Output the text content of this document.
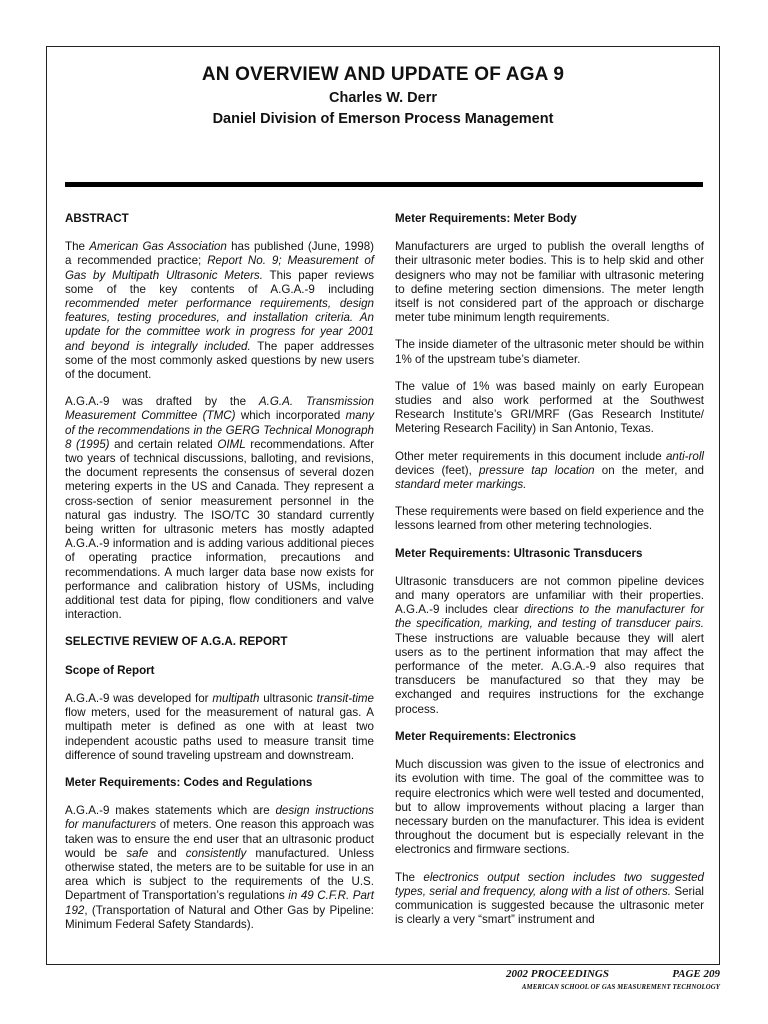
AN OVERVIEW AND UPDATE OF AGA 9

Charles W. Derr

Daniel Division of Emerson Process Management

ABSTRACT

The American Gas Association has published (June, 1998) a recommended practice; Report No. 9; Measurement of Gas by Multipath Ultrasonic Meters. This paper reviews some of the key contents of A.G.A.-9 including recommended meter performance requirements, design features, testing procedures, and installation criteria. An update for the committee work in progress for year 2001 and beyond is integrally included. The paper addresses some of the most commonly asked questions by new users of the document.

A.G.A.-9 was drafted by the A.G.A. Transmission Measurement Committee (TMC) which incorporated many of the recommendations in the GERG Technical Monograph 8 (1995) and certain related OIML recommendations. After two years of technical discussions, balloting, and revisions, the document represents the consensus of several dozen metering experts in the US and Canada. They represent a cross-section of senior measurement personnel in the natural gas industry. The ISO/TC 30 standard currently being written for ultrasonic meters has mostly adapted A.G.A.-9 information and is adding various additional pieces of operating practice information, precautions and recommendations. A much larger data base now exists for performance and calibration history of USMs, including additional test data for piping, flow conditioners and valve interaction.

SELECTIVE REVIEW OF A.G.A. REPORT
Scope of Report

A.G.A.-9 was developed for multipath ultrasonic transit-time flow meters, used for the measurement of natural gas. A multipath meter is defined as one with at least two independent acoustic paths used to measure transit time difference of sound traveling upstream and downstream.

Meter Requirements: Codes and Regulations

A.G.A.-9 makes statements which are design instructions for manufacturers of meters. One reason this approach was taken was to ensure the end user that an ultrasonic product would be safe and consistently manufactured. Unless otherwise stated, the meters are to be suitable for use in an area which is subject to the requirements of the U.S. Department of Transportation’s regulations in 49 C.F.R. Part 192, (Transportation of Natural and Other Gas by Pipeline: Minimum Federal Safety Standards).

Meter Requirements: Meter Body

Manufacturers are urged to publish the overall lengths of their ultrasonic meter bodies. This is to help skid and other designers who may not be familiar with ultrasonic metering to define metering section dimensions. The meter length itself is not considered part of the approach or discharge meter tube minimum length requirements.

The inside diameter of the ultrasonic meter should be within 1% of the upstream tube’s diameter.

The value of 1% was based mainly on early European studies and also work performed at the Southwest Research Institute’s GRI/MRF (Gas Research Institute/ Metering Research Facility) in San Antonio, Texas.

Other meter requirements in this document include anti-roll devices (feet), pressure tap location on the meter, and standard meter markings.

These requirements were based on field experience and the lessons learned from other metering technologies.

Meter Requirements: Ultrasonic Transducers

Ultrasonic transducers are not common pipeline devices and many operators are unfamiliar with their properties. A.G.A.-9 includes clear directions to the manufacturer for the specification, marking, and testing of transducer pairs. These instructions are valuable because they will alert users as to the pertinent information that may affect the performance of the meter. A.G.A.-9 also requires that transducers be manufactured so that they may be exchanged and requires instructions for the exchange process.

Meter Requirements: Electronics

Much discussion was given to the issue of electronics and its evolution with time. The goal of the committee was to require electronics which were well tested and documented, but to allow improvements without placing a larger than necessary burden on the manufacturer. This idea is evident throughout the document but is especially relevant in the electronics and firmware sections.

The electronics output section includes two suggested types, serial and frequency, along with a list of others. Serial communication is suggested because the ultrasonic meter is clearly a very “smart” instrument and

2002 PROCEEDINGS	PAGE 209
AMERICAN SCHOOL OF GAS MEASUREMENT TECHNOLOGY
